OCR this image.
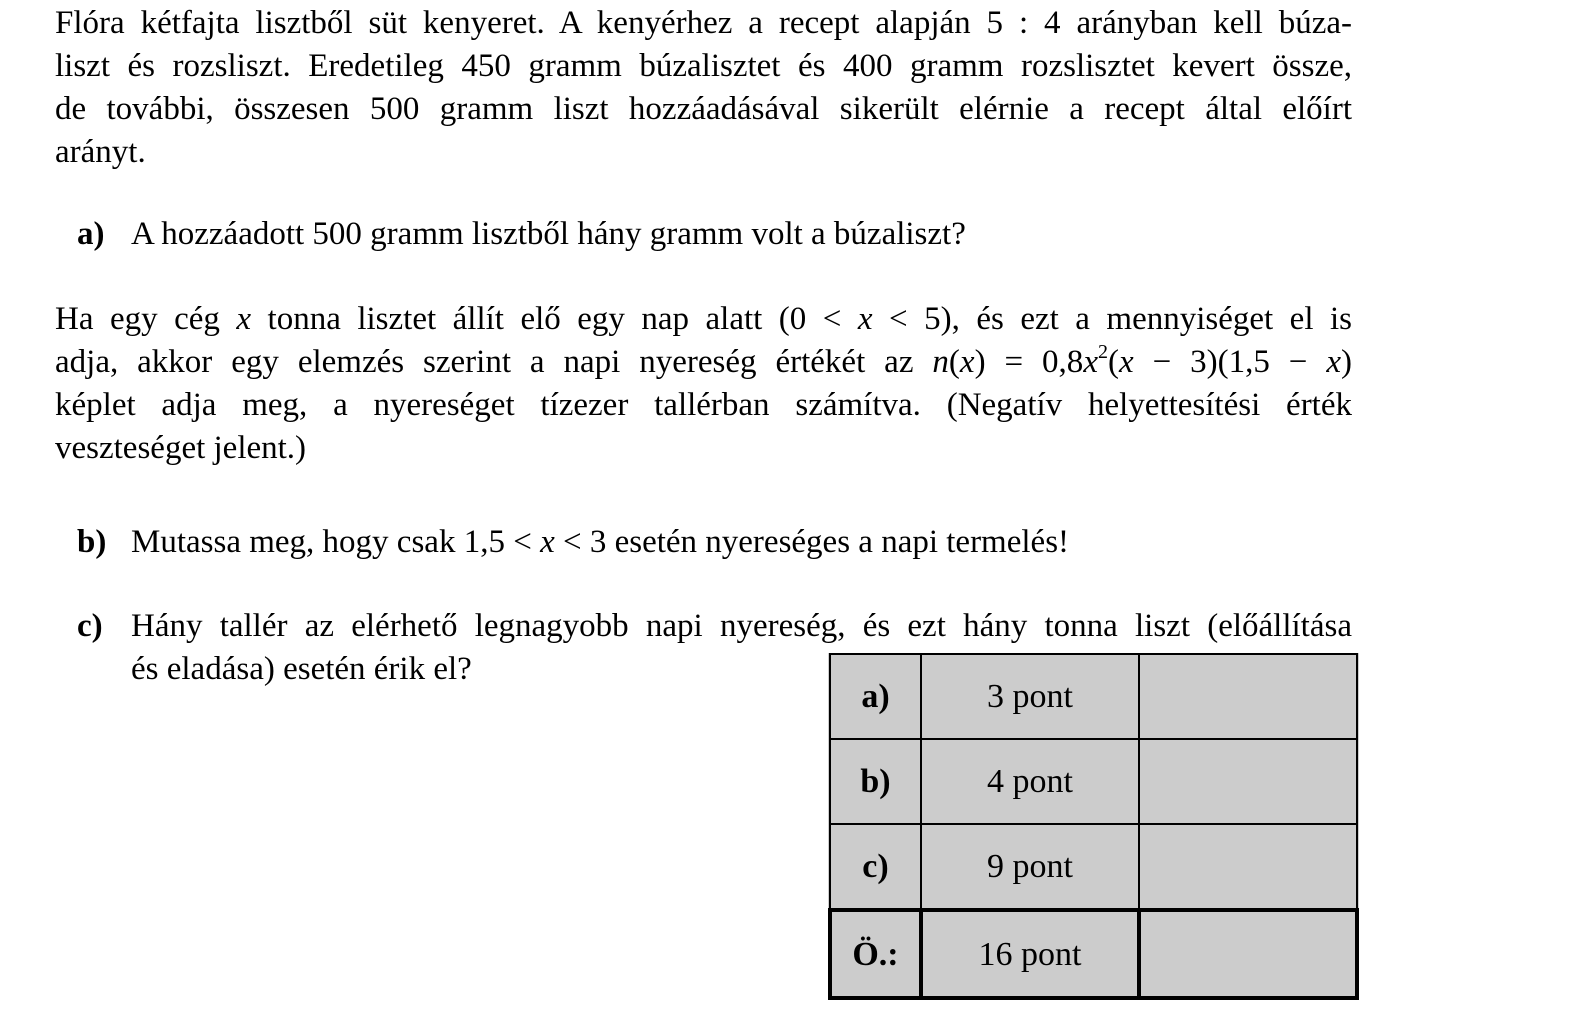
Flóra kétfajta lisztből süt kenyeret. A kenyérhez a recept alapján 5 : 4 arányban kell búza-
liszt és rozsliszt. Eredetileg 450 gramm búzalisztet és 400 gramm rozslisztet kevert össze,
de további, összesen 500 gramm liszt hozzáadásával sikerült elérnie a recept által előírt
arányt.
a) A hozzáadott 500 gramm lisztből hány gramm volt a búzaliszt?
Ha egy cég x tonna lisztet állít elő egy nap alatt (0 < x < 5), és ezt a mennyiséget el is
adja, akkor egy elemzés szerint a napi nyereség értékét az $n(x) = 0,8x^2(x - 3)(1,5 - x)$
képlet adja meg, a nyereséget tízezer tallérban számítva. (Negatív helyettesítési érték
veszteséget jelent.)
b) Mutassa meg, hogy csak 1,5 < x < 3 esetén nyereséges a napi termelés!
c) Hány tallér az elérhető legnagyobb napi nyereség, és ezt hány tonna liszt (előállítása
és eladása) esetén érik el?
a)	3 pont	
b)	4 pont	
c)	9 pont	
Ö.:	16 pont	
